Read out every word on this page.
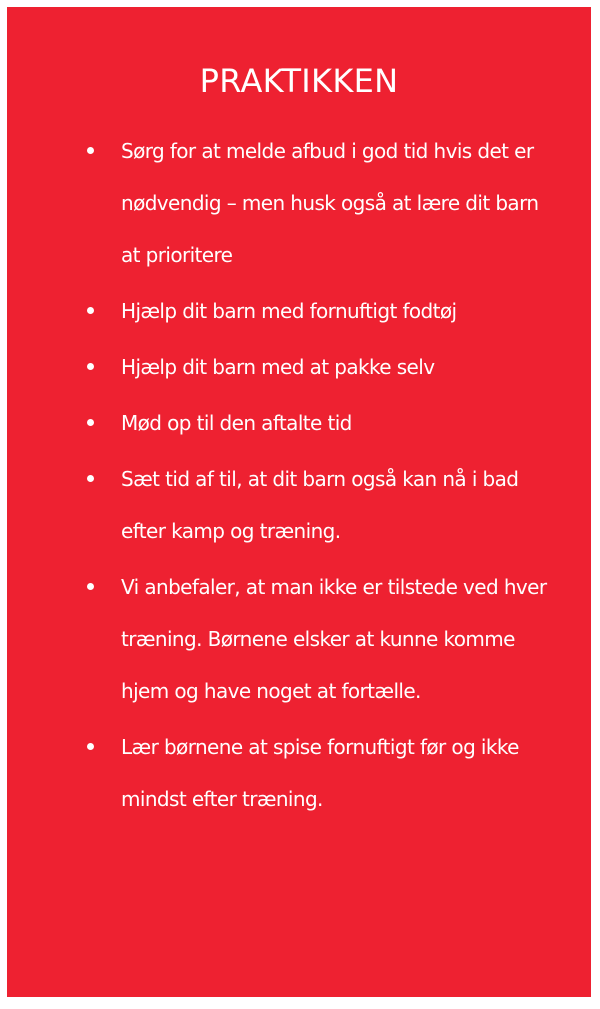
PRAKTIKKEN
Sørg for at melde afbud i god tid hvis det er nødvendig – men husk også at lære dit barn at prioritere
Hjælp dit barn med fornuftigt fodtøj
Hjælp dit barn med at pakke selv
Mød op til den aftalte tid
Sæt tid af til, at dit barn også kan nå i bad efter kamp og træning.
Vi anbefaler, at man ikke er tilstede ved hver træning. Børnene elsker at kunne komme hjem og have noget at fortælle.
Lær børnene at spise fornuftigt før og ikke mindst efter træning.
